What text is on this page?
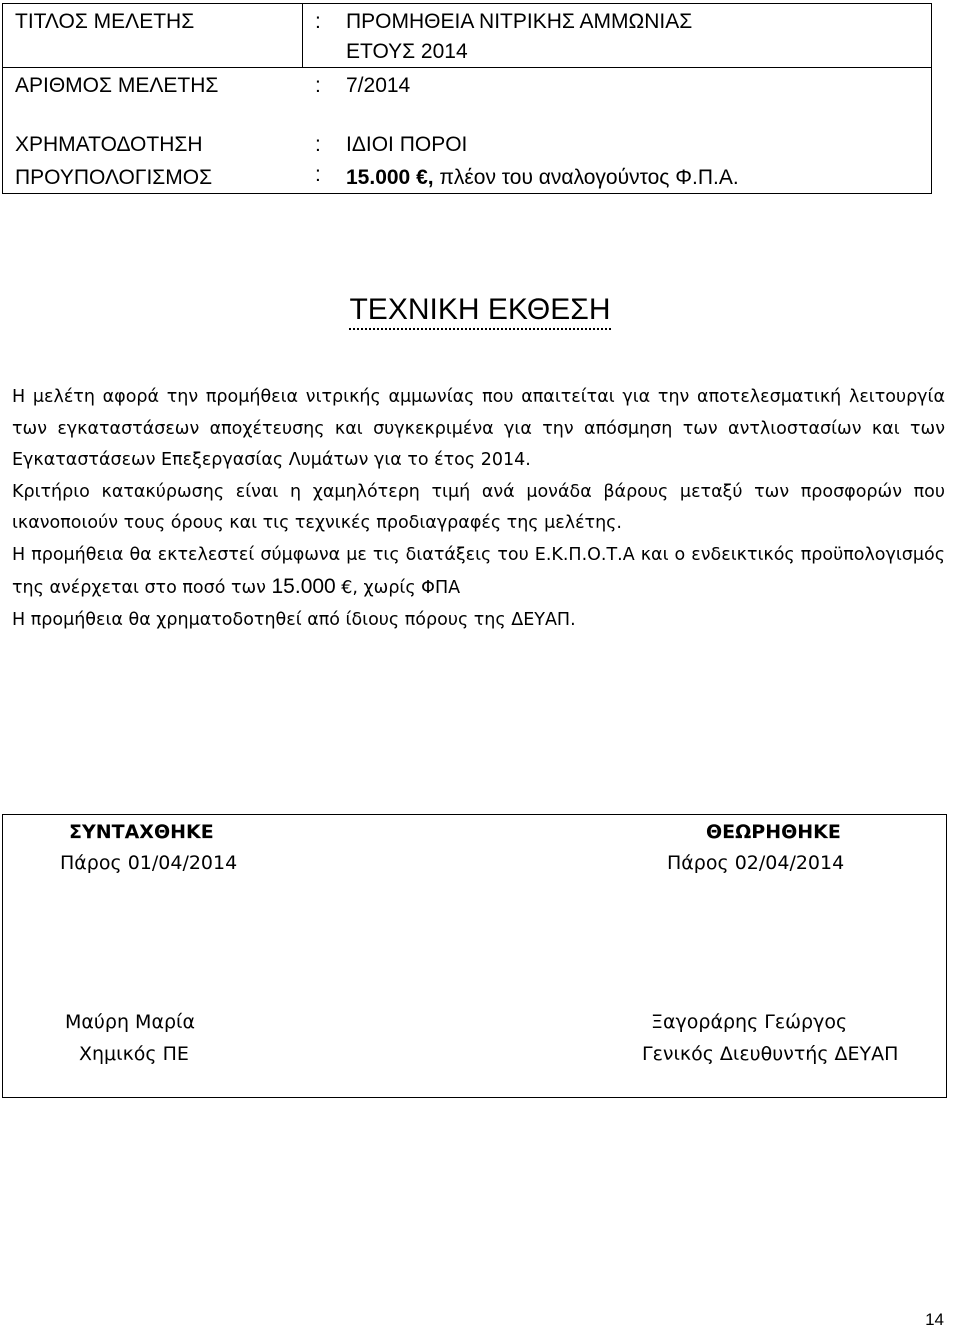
ΤΙΤΛΟΣ ΜΕΛΕΤΗΣ	: ΠΡΟΜΗΘΕΙΑ ΝΙΤΡΙΚΗΣ ΑΜΜΩΝΙΑΣ
ΕΤΟΥΣ 2014
ΑΡΙΘΜΟΣ ΜΕΛΕΤΗΣ	: 7/2014
ΧΡΗΜΑΤΟΔΟΤΗΣΗ	: ΙΔΙΟΙ ΠΟΡΟΙ
ΠΡΟΥΠΟΛΟΓΙΣΜΟΣ	: 15.000 €, πλέον του αναλογούντος Φ.Π.Α.
ΤΕΧΝΙΚΗ ΕΚΘΕΣΗ

Η μελέτη αφορά την προμήθεια νιτρικής αμμωνίας που απαιτείται για την αποτελεσματική λειτουργία των εγκαταστάσεων αποχέτευσης και συγκεκριμένα για την απόσμηση των αντλιοστασίων και των Εγκαταστάσεων Επεξεργασίας Λυμάτων για το έτος 2014.

Κριτήριο κατακύρωσης είναι η χαμηλότερη τιμή ανά μονάδα βάρους μεταξύ των προσφορών που ικανοποιούν τους όρους και τις τεχνικές προδιαγραφές της μελέτης.

Η προμήθεια θα εκτελεστεί σύμφωνα με τις διατάξεις του Ε.Κ.Π.Ο.Τ.Α και ο ενδεικτικός προϋπολογισμός της ανέρχεται στο ποσό των 15.000 €, χωρίς ΦΠΑ

Η προμήθεια θα χρηματοδοτηθεί από ίδιους πόρους της ΔΕΥΑΠ.

ΣΥΝΤΑΧΘΗΚΕ
Πάρος 01/04/2014
Μαύρη Μαρία
Χημικός ΠΕ
ΘΕΩΡΗΘΗΚΕ
Πάρος 02/04/2014
Ξαγοράρης Γεώργος
Γενικός Διευθυντής ΔΕΥΑΠ
14
